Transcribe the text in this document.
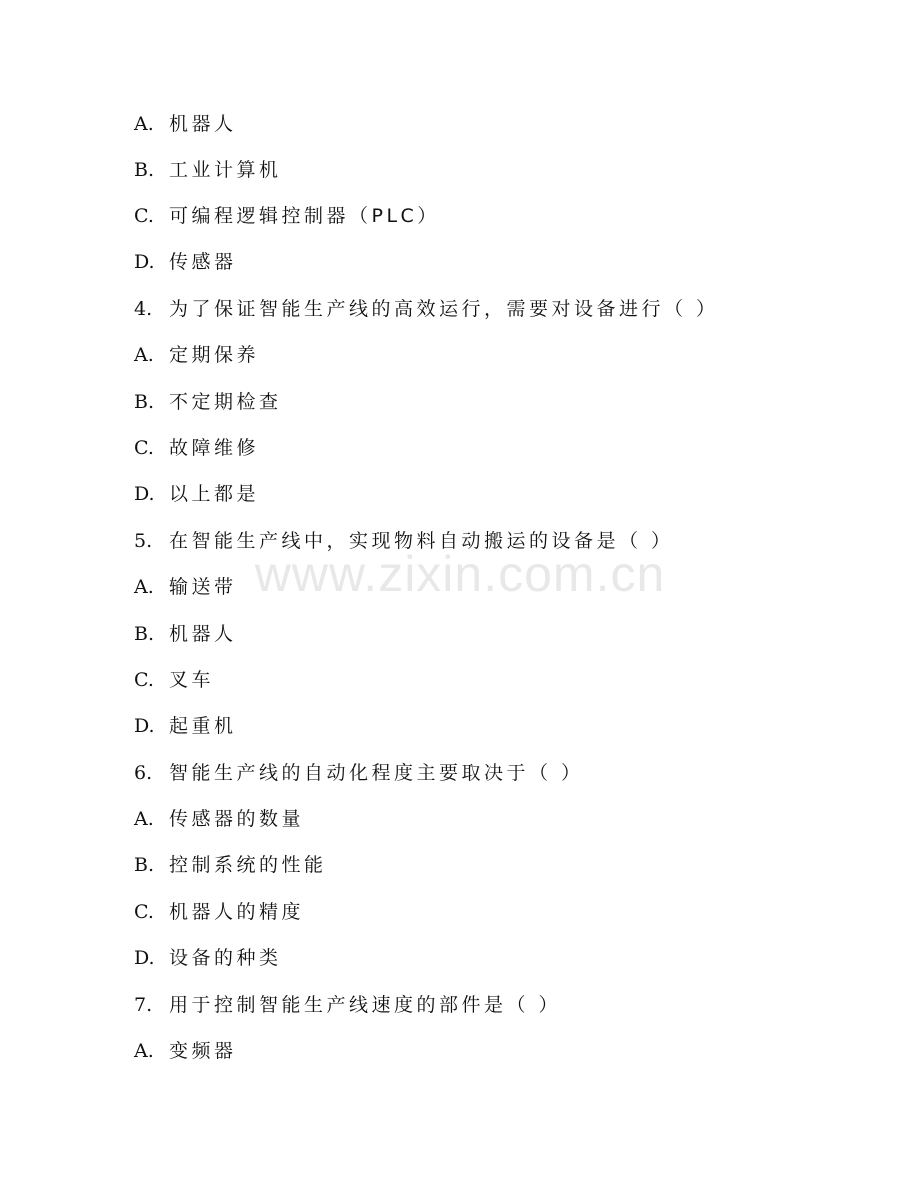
A. 机器人
B. 工业计算机
C. 可编程逻辑控制器（PLC）
D. 传感器
4. 为了保证智能生产线的高效运行，需要对设备进行（ ）
A. 定期保养
B. 不定期检查
C. 故障维修
D. 以上都是
5. 在智能生产线中，实现物料自动搬运的设备是（ ）
A. 输送带
B. 机器人
C. 叉车
D. 起重机
6. 智能生产线的自动化程度主要取决于（ ）
A. 传感器的数量
B. 控制系统的性能
C. 机器人的精度
D. 设备的种类
7. 用于控制智能生产线速度的部件是（ ）
A. 变频器
www.zixin.com.cn
